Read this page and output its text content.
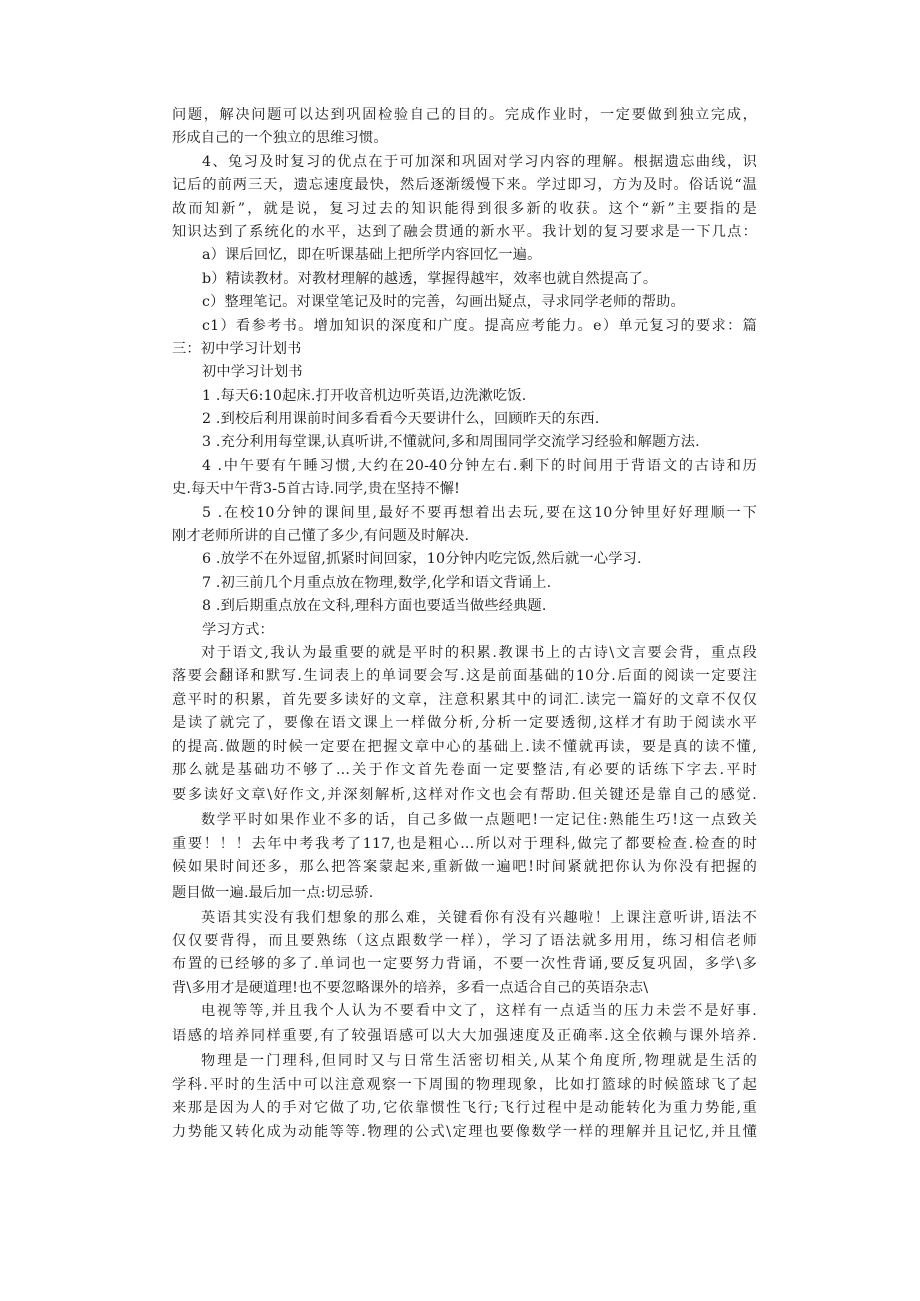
问题，解决问题可以达到巩固检验自己的目的。完成作业时，一定要做到独立完成，
形成自己的一个独立的思维习惯。
4、兔习及时复习的优点在于可加深和巩固对学习内容的理解。根据遗忘曲线，识
记后的前两三天，遗忘速度最快，然后逐渐缓慢下来。学过即习，方为及时。俗话说“温
故而知新”，就是说，复习过去的知识能得到很多新的收获。这个“新”主要指的是
知识达到了系统化的水平，达到了融会贯通的新水平。我计划的复习要求是一下几点：
a）课后回忆，即在听课基础上把所学内容回忆一遍。
b）精读教材。对教材理解的越透，掌握得越牢，效率也就自然提高了。
c）整理笔记。对课堂笔记及时的完善，勾画出疑点，寻求同学老师的帮助。
c1）看参考书。增加知识的深度和广度。提高应考能力。e）单元复习的要求：篇
三：初中学习计划书
初中学习计划书
1 .每天6:10起床.打开收音机边听英语,边洗漱吃饭.
2 .到校后利用课前时间多看看今天要讲什么，回顾昨天的东西.
3 .充分利用每堂课,认真听讲,不懂就问,多和周围同学交流学习经验和解题方法.
4 .中午要有午睡习惯,大约在20-40分钟左右.剩下的时间用于背语文的古诗和历
史.每天中午背3-5首古诗.同学,贵在坚持不懈!
5 .在校10分钟的课间里,最好不要再想着出去玩,要在这10分钟里好好理顺一下
刚才老师所讲的自己懂了多少,有问题及时解决.
6 .放学不在外逗留,抓紧时间回家，10分钟内吃完饭,然后就一心学习.
7 .初三前几个月重点放在物理,数学,化学和语文背诵上.
8 .到后期重点放在文科,理科方面也要适当做些经典题.
学习方式：
对于语文,我认为最重要的就是平时的积累.教课书上的古诗\文言要会背，重点段
落要会翻译和默写.生词表上的单词要会写.这是前面基础的10分.后面的阅读一定要注
意平时的积累，首先要多读好的文章，注意积累其中的词汇.读完一篇好的文章不仅仅
是读了就完了，要像在语文课上一样做分析,分析一定要透彻,这样才有助于阅读水平
的提高.做题的时候一定要在把握文章中心的基础上.读不懂就再读，要是真的读不懂,
那么就是基础功不够了...关于作文首先卷面一定要整洁,有必要的话练下字去.平时
要多读好文章\好作文,并深刻解析,这样对作文也会有帮助.但关键还是靠自己的感觉.
数学平时如果作业不多的话，自己多做一点题吧!一定记住:熟能生巧!这一点致关
重要！！！去年中考我考了117,也是粗心...所以对于理科,做完了都要检查.检查的时
候如果时间还多，那么把答案蒙起来,重新做一遍吧!时间紧就把你认为你没有把握的
题目做一遍.最后加一点:切忌骄.
英语其实没有我们想象的那么难，关键看你有没有兴趣啦！上课注意听讲,语法不
仅仅要背得，而且要熟练（这点跟数学一样），学习了语法就多用用，练习相信老师
布置的已经够的多了.单词也一定要努力背诵，不要一次性背诵,要反复巩固，多学\多
背\多用才是硬道理!也不要忽略课外的培养，多看一点适合自己的英语杂志\
电视等等,并且我个人认为不要看中文了，这样有一点适当的压力未尝不是好事.
语感的培养同样重要,有了较强语感可以大大加强速度及正确率.这全依赖与课外培养.
物理是一门理科,但同时又与日常生活密切相关,从某个角度所,物理就是生活的
学科.平时的生活中可以注意观察一下周围的物理现象，比如打篮球的时候篮球飞了起
来那是因为人的手对它做了功,它依靠惯性飞行;飞行过程中是动能转化为重力势能,重
力势能又转化成为动能等等.物理的公式\定理也要像数学一样的理解并且记忆,并且懂
